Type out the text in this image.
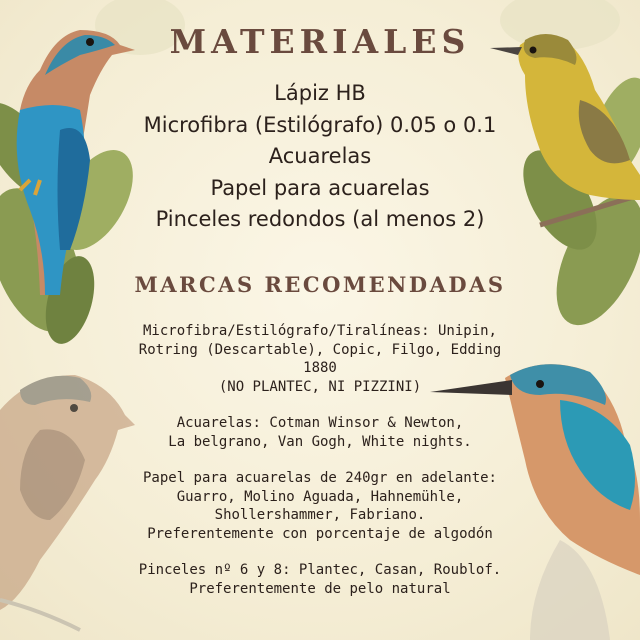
MATERIALES
Lápiz HB
Microfibra (Estilógrafo) 0.05 o 0.1
Acuarelas
Papel para acuarelas
Pinceles redondos (al menos 2)
MARCAS RECOMENDADAS

Microfibra/Estilógrafo/Tiralíneas: Unipin,

Rotring (Descartable), Copic, Filgo, Edding

1880

(NO PLANTEC, NI PIZZINI)

Acuarelas: Cotman Winsor & Newton,

La belgrano, Van Gogh, White nights.

Papel para acuarelas de 240gr en adelante:

Guarro, Molino Aguada, Hahnemühle,

Shollershammer, Fabriano.

Preferentemente con porcentaje de algodón

Pinceles nº 6 y 8: Plantec, Casan, Roublof.

Preferentemente de pelo natural
